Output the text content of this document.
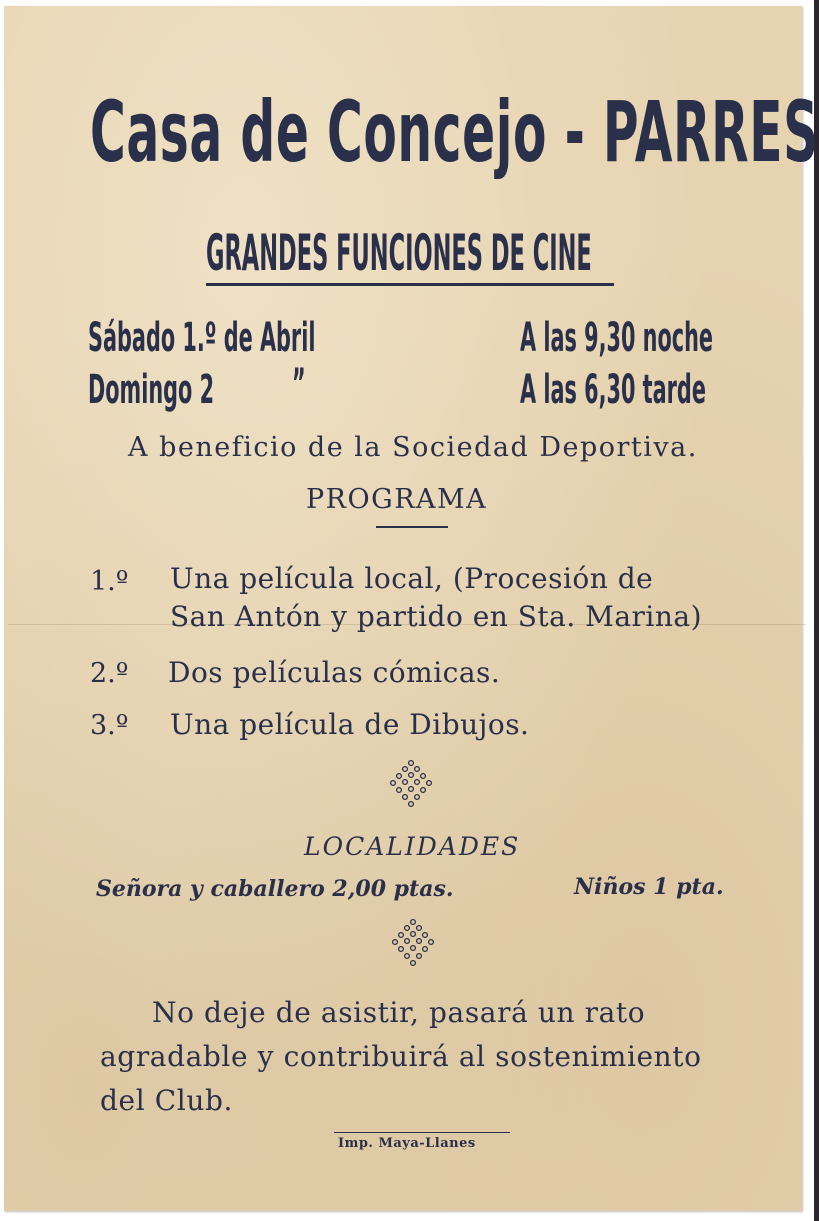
Casa de Concejo - PARRES
GRANDES FUNCIONES DE CINE
Sábado 1.º de Abril	A las 9,30 noche
Domingo 2 ”	A las 6,30 tarde
A beneficio de la Sociedad Deportiva.
PROGRAMA
1.º Una película local, (Procesión de
San Antón y partido en Sta. Marina)
2.º Dos películas cómicas.
3.º Una película de Dibujos.
LOCALIDADES
Señora y caballero 2,00 ptas.	Niños 1 pta.
No deje de asistir, pasará un rato
agradable y contribuirá al sostenimiento
del Club.
Imp. Maya-Llanes
